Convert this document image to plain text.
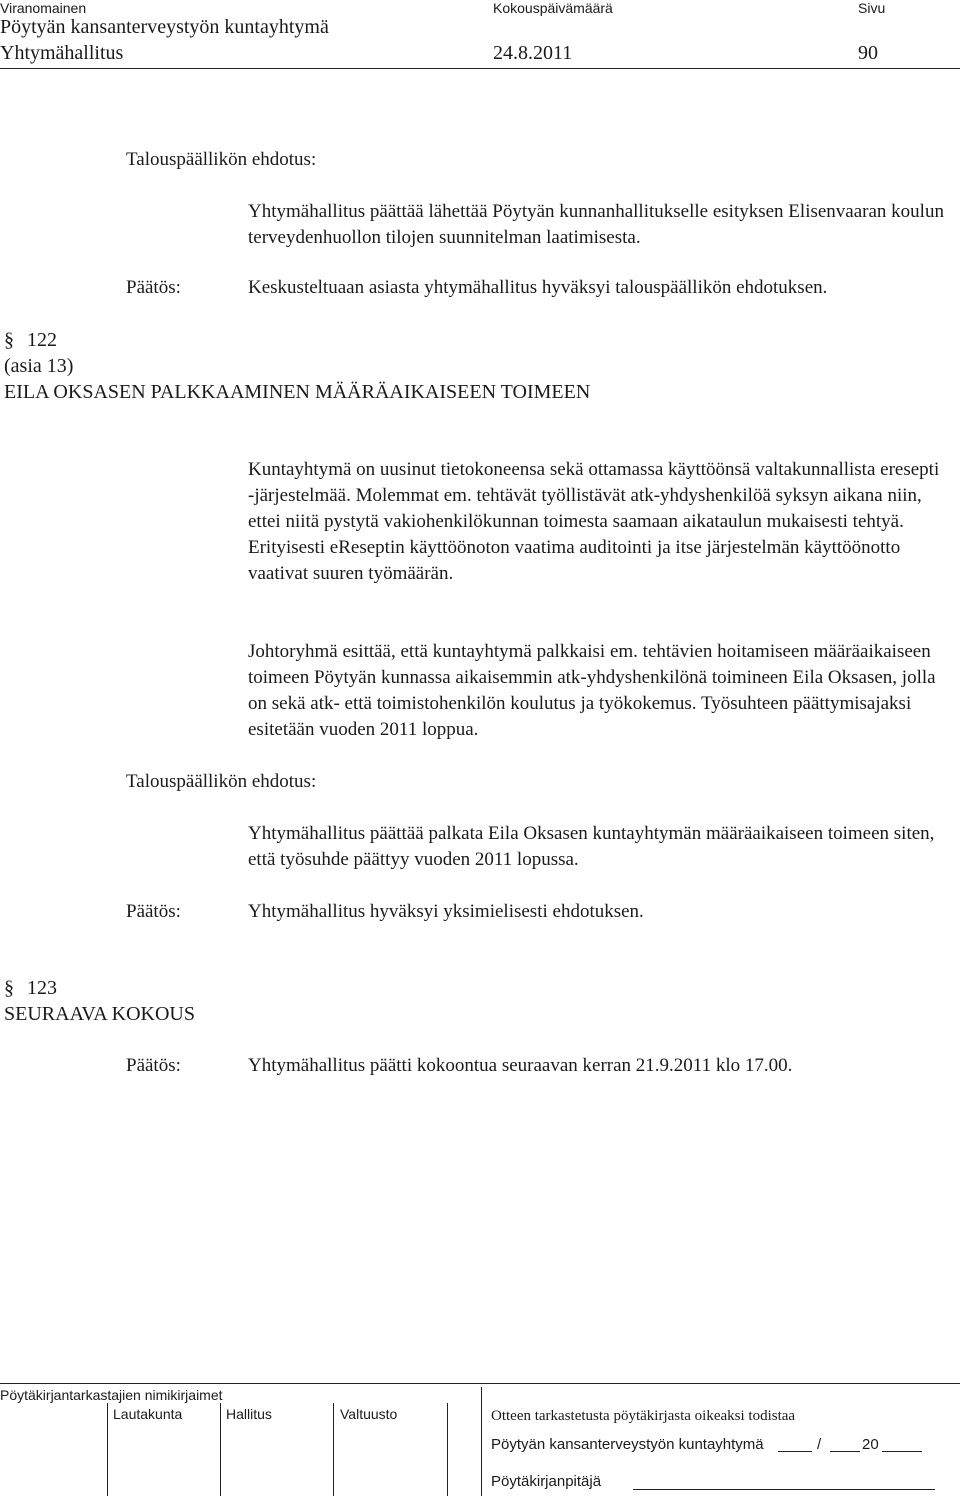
Viranomainen	Kokouspäivämäärä	Sivu
Pöytyän kansanterveystyön kuntayhtymä
Yhtymähallitus	24.8.2011	90
Talouspäällikön ehdotus:

Yhtymähallitus päättää lähettää Pöytyän kunnanhallitukselle esityksen Elisenvaaran koulun terveydenhuollon tilojen suunnitelman laatimisesta.

Päätös:	Keskusteltuaan asiasta yhtymähallitus hyväksyi talouspäällikön ehdotuksen.
§ 122
(asia 13)
EILA OKSASEN PALKKAAMINEN MÄÄRÄAIKAISEEN TOIMEEN

Kuntayhtymä on uusinut tietokoneensa sekä ottamassa käyttöönsä valtakunnallista eresepti -järjestelmää. Molemmat em. tehtävät työllistävät atk-yhdyshenkilöä syksyn aikana niin, ettei niitä pystytä vakiohenkilökunnan toimesta saamaan aikataulun mukaisesti tehtyä. Erityisesti eReseptin käyttöönoton vaatima auditointi ja itse järjestelmän käyttöönotto vaativat suuren työmäärän.

Johtoryhmä esittää, että kuntayhtymä palkkaisi em. tehtävien hoitamiseen määräaikaiseen toimeen Pöytyän kunnassa aikaisemmin atk-yhdyshenkilönä toimineen Eila Oksasen, jolla on sekä atk- että toimistohenkilön koulutus ja työkokemus. Työsuhteen päättymisajaksi esitetään vuoden 2011 loppua.

Talouspäällikön ehdotus:

Yhtymähallitus päättää palkata Eila Oksasen kuntayhtymän määräaikaiseen toimeen siten, että työsuhde päättyy vuoden 2011 lopussa.

Päätös:	Yhtymähallitus hyväksyi yksimielisesti ehdotuksen.
§ 123
SEURAAVA KOKOUS
Päätös:	Yhtymähallitus päätti kokoontua seuraavan kerran 21.9.2011 klo 17.00.
Pöytäkirjantarkastajien nimikirjaimet
Lautakunta	Hallitus	Valtuusto	Otteen tarkastetusta pöytäkirjasta oikeaksi todistaa
Pöytyän kansanterveystyön kuntayhtymä	/	20
Pöytäkirjanpitäjä
